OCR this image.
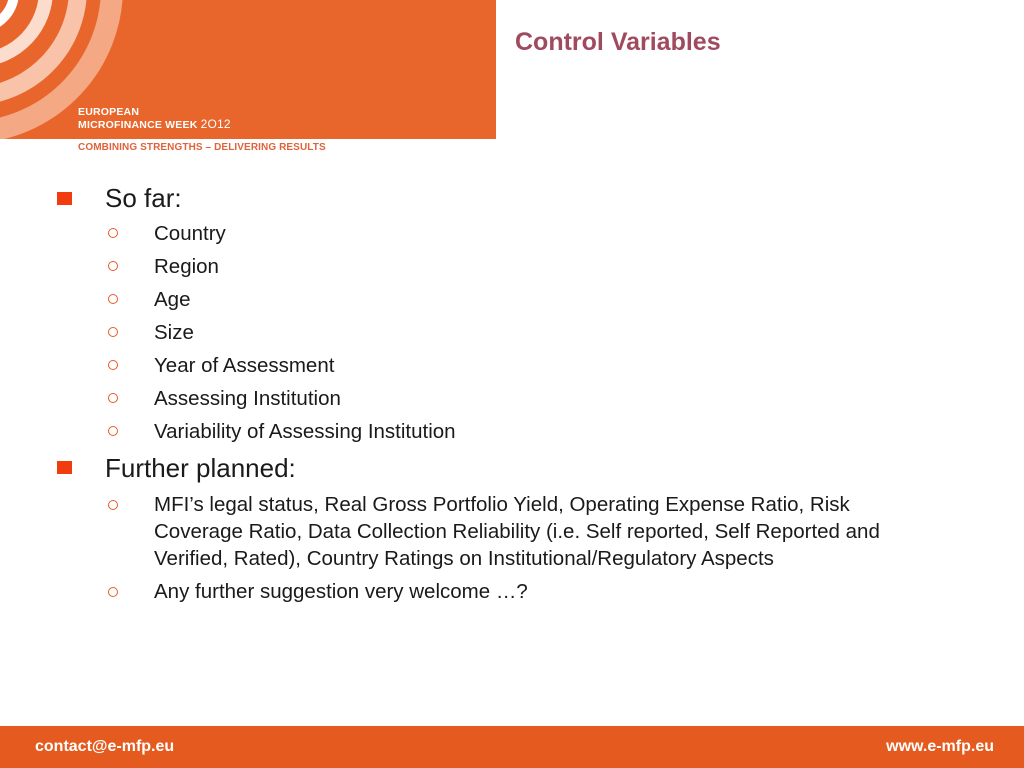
EUROPEAN
MICROFINANCE WEEK 2O12
COMBINING STRENGTHS – DELIVERING RESULTS
Control Variables
So far:
Country
Region
Age
Size
Year of Assessment
Assessing Institution
Variability of Assessing Institution
Further planned:
MFI’s legal status, Real Gross Portfolio Yield, Operating Expense Ratio, Risk
Coverage Ratio, Data Collection Reliability (i.e. Self reported, Self Reported and
Verified, Rated), Country Ratings on Institutional/Regulatory Aspects
Any further suggestion very welcome …?
contact@e-mfp.eu	www.e-mfp.eu
